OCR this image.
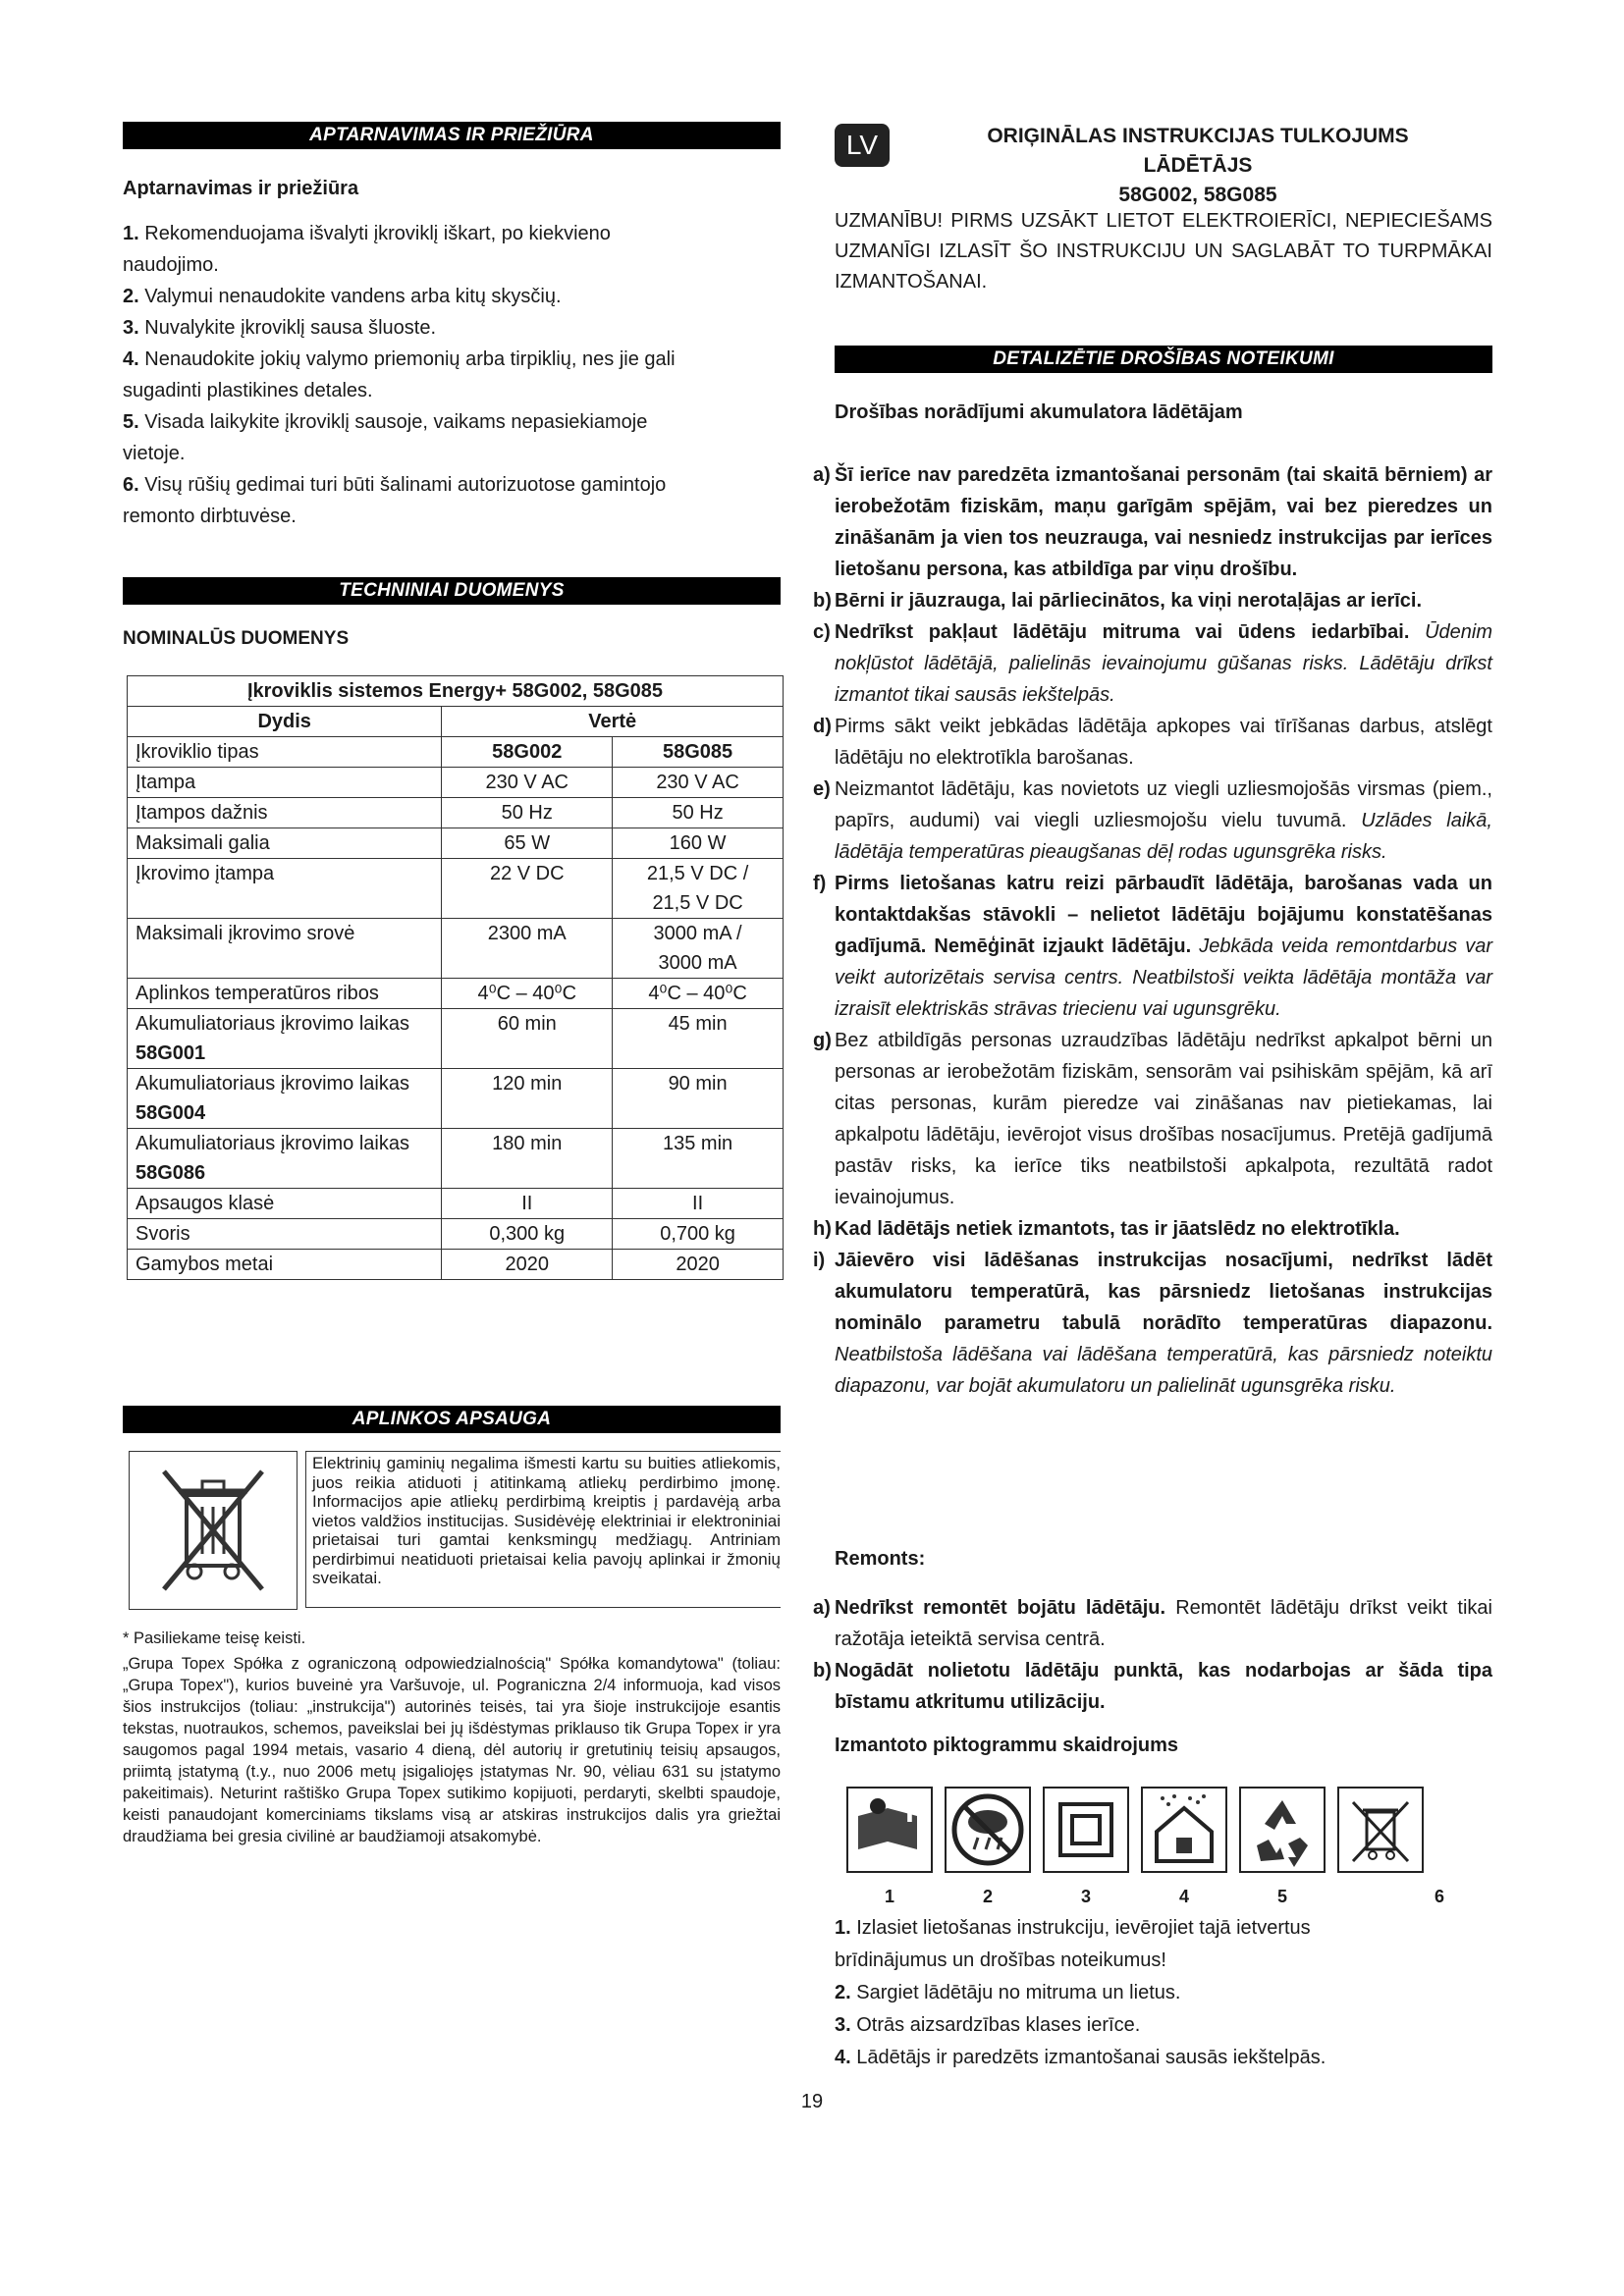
APTARNAVIMAS IR PRIEŽIŪRA
Aptarnavimas ir priežiūra

1. Rekomenduojama išvalyti įkroviklį iškart, po kiekvieno naudojimo.

2. Valymui nenaudokite vandens arba kitų skysčių.

3. Nuvalykite įkroviklį sausa šluoste.

4. Nenaudokite jokių valymo priemonių arba tirpiklių, nes jie gali sugadinti plastikines detales.

5. Visada laikykite įkroviklį sausoje, vaikams nepasiekiamoje vietoje.

6. Visų rūšių gedimai turi būti šalinami autorizuotose gamintojo remonto dirbtuvėse.

TECHNINIAI DUOMENYS
NOMINALŪS DUOMENYS
Įkroviklis sistemos Energy+ 58G002, 58G085		
Dydis	Vertė	
Įkroviklio tipas	58G002	58G085
Įtampa	230 V AC	230 V AC
Įtampos dažnis	50 Hz	50 Hz
Maksimali galia	65 W	160 W
Įkrovimo įtampa	22 V DC	21,5 V DC / 21,5 V DC
Maksimali įkrovimo srovė	2300 mA	3000 mA / 3000 mA
Aplinkos temperatūros ribos	4⁰C – 40⁰C	4⁰C – 40⁰C
Akumuliatoriaus įkrovimo laikas 58G001	60 min	45 min
Akumuliatoriaus įkrovimo laikas 58G004	120 min	90 min
Akumuliatoriaus įkrovimo laikas 58G086	180 min	135 min
Apsaugos klasė	II	II
Svoris	0,300 kg	0,700 kg
Gamybos metai	2020	2020
APLINKOS APSAUGA
Elektrinių gaminių negalima išmesti kartu su buities atliekomis, juos reikia atiduoti į atitinkamą atliekų perdirbimo įmonę. Informacijos apie atliekų perdirbimą kreiptis į pardavėją arba vietos valdžios institucijas. Susidėvėję elektriniai ir elektroniniai prietaisai turi gamtai kenksmingų medžiagų. Antriniam perdirbimui neatiduoti prietaisai kelia pavojų aplinkai ir žmonių sveikatai.
* Pasiliekame teisę keisti.
„Grupa Topex Spółka z ograniczoną odpowiedzialnością" Spółka komandytowa" (toliau: „Grupa Topex"), kurios buveinė yra Varšuvoje, ul. Pograniczna 2/4 informuoja, kad visos šios instrukcijos (toliau: „instrukcija") autorinės teisės, tai yra šioje instrukcijoje esantis tekstas, nuotraukos, schemos, paveikslai bei jų išdėstymas priklauso tik Grupa Topex ir yra saugomos pagal 1994 metais, vasario 4 dieną, dėl autorių ir gretutinių teisių apsaugos, priimtą įstatymą (t.y., nuo 2006 metų įsigaliojęs įstatymas Nr. 90, vėliau 631 su įstatymo pakeitimais). Neturint raštiško Grupa Topex sutikimo kopijuoti, perdaryti, skelbti spaudoje, keisti panaudojant komerciniams tikslams visą ar atskiras instrukcijos dalis yra griežtai draudžiama bei gresia civilinė ar baudžiamoji atsakomybė.
LV	ORIĢINĀLAS INSTRUKCIJAS TULKOJUMS
LĀDĒTĀJS
58G002, 58G085
UZMANĪBU! PIRMS UZSĀKT LIETOT ELEKTROIERĪCI, NEPIECIEŠAMS UZMANĪGI IZLASĪT ŠO INSTRUKCIJU UN SAGLABĀT TO TURPMĀKAI IZMANTOŠANAI.
DETALIZĒTIE DROŠĪBAS NOTEIKUMI
Drošības norādījumi akumulatora lādētājam
a) Šī ierīce nav paredzēta izmantošanai personām (tai skaitā bērniem) ar ierobežotām fiziskām, maņu garīgām spējām, vai bez pieredzes un zināšanām ja vien tos neuzrauga, vai nesniedz instrukcijas par ierīces lietošanu persona, kas atbildīga par viņu drošību.
b) Bērni ir jāuzrauga, lai pārliecinātos, ka viņi nerotaļājas ar ierīci.
c) Nedrīkst pakļaut lādētāju mitruma vai ūdens iedarbībai. Ūdenim nokļūstot lādētājā, palielinās ievainojumu gūšanas risks. Lādētāju drīkst izmantot tikai sausās iekštelpās.
d) Pirms sākt veikt jebkādas lādētāja apkopes vai tīrīšanas darbus, atslēgt lādētāju no elektrotīkla barošanas.
e) Neizmantot lādētāju, kas novietots uz viegli uzliesmojošās virsmas (piem., papīrs, audumi) vai viegli uzliesmojošu vielu tuvumā. Uzlādes laikā, lādētāja temperatūras pieaugšanas dēļ rodas ugunsgrēka risks.
f) Pirms lietošanas katru reizi pārbaudīt lādētāja, barošanas vada un kontaktdakšas stāvokli – nelietot lādētāju bojājumu konstatēšanas gadījumā. Nemēģināt izjaukt lādētāju. Jebkāda veida remontdarbus var veikt autorizētais servisa centrs. Neatbilstoši veikta lādētāja montāža var izraisīt elektriskās strāvas triecienu vai ugunsgrēku.
g) Bez atbildīgās personas uzraudzības lādētāju nedrīkst apkalpot bērni un personas ar ierobežotām fiziskām, sensorām vai psihiskām spējām, kā arī citas personas, kurām pieredze vai zināšanas nav pietiekamas, lai apkalpotu lādētāju, ievērojot visus drošības nosacījumus. Pretējā gadījumā pastāv risks, ka ierīce tiks neatbilstoši apkalpota, rezultātā radot ievainojumus.
h) Kad lādētājs netiek izmantots, tas ir jāatslēdz no elektrotīkla.
i) Jāievēro visi lādēšanas instrukcijas nosacījumi, nedrīkst lādēt akumulatoru temperatūrā, kas pārsniedz lietošanas instrukcijas nominālo parametru tabulā norādīto temperatūras diapazonu. Neatbilstoša lādēšana vai lādēšana temperatūrā, kas pārsniedz noteiktu diapazonu, var bojāt akumulatoru un palielināt ugunsgrēka risku.
Remonts:
a) Nedrīkst remontēt bojātu lādētāju. Remontēt lādētāju drīkst veikt tikai ražotāja ieteiktā servisa centrā.
b) Nogādāt nolietotu lādētāju punktā, kas nodarbojas ar šāda tipa bīstamu atkritumu utilizāciju.
Izmantoto piktogrammu skaidrojums
i
1	2	3	4	5	6
1. Izlasiet lietošanas instrukciju, ievērojiet tajā ietvertus brīdinājumus un drošības noteikumus!
2. Sargiet lādētāju no mitruma un lietus.
3. Otrās aizsardzības klases ierīce.
4. Lādētājs ir paredzēts izmantošanai sausās iekštelpās.
19
